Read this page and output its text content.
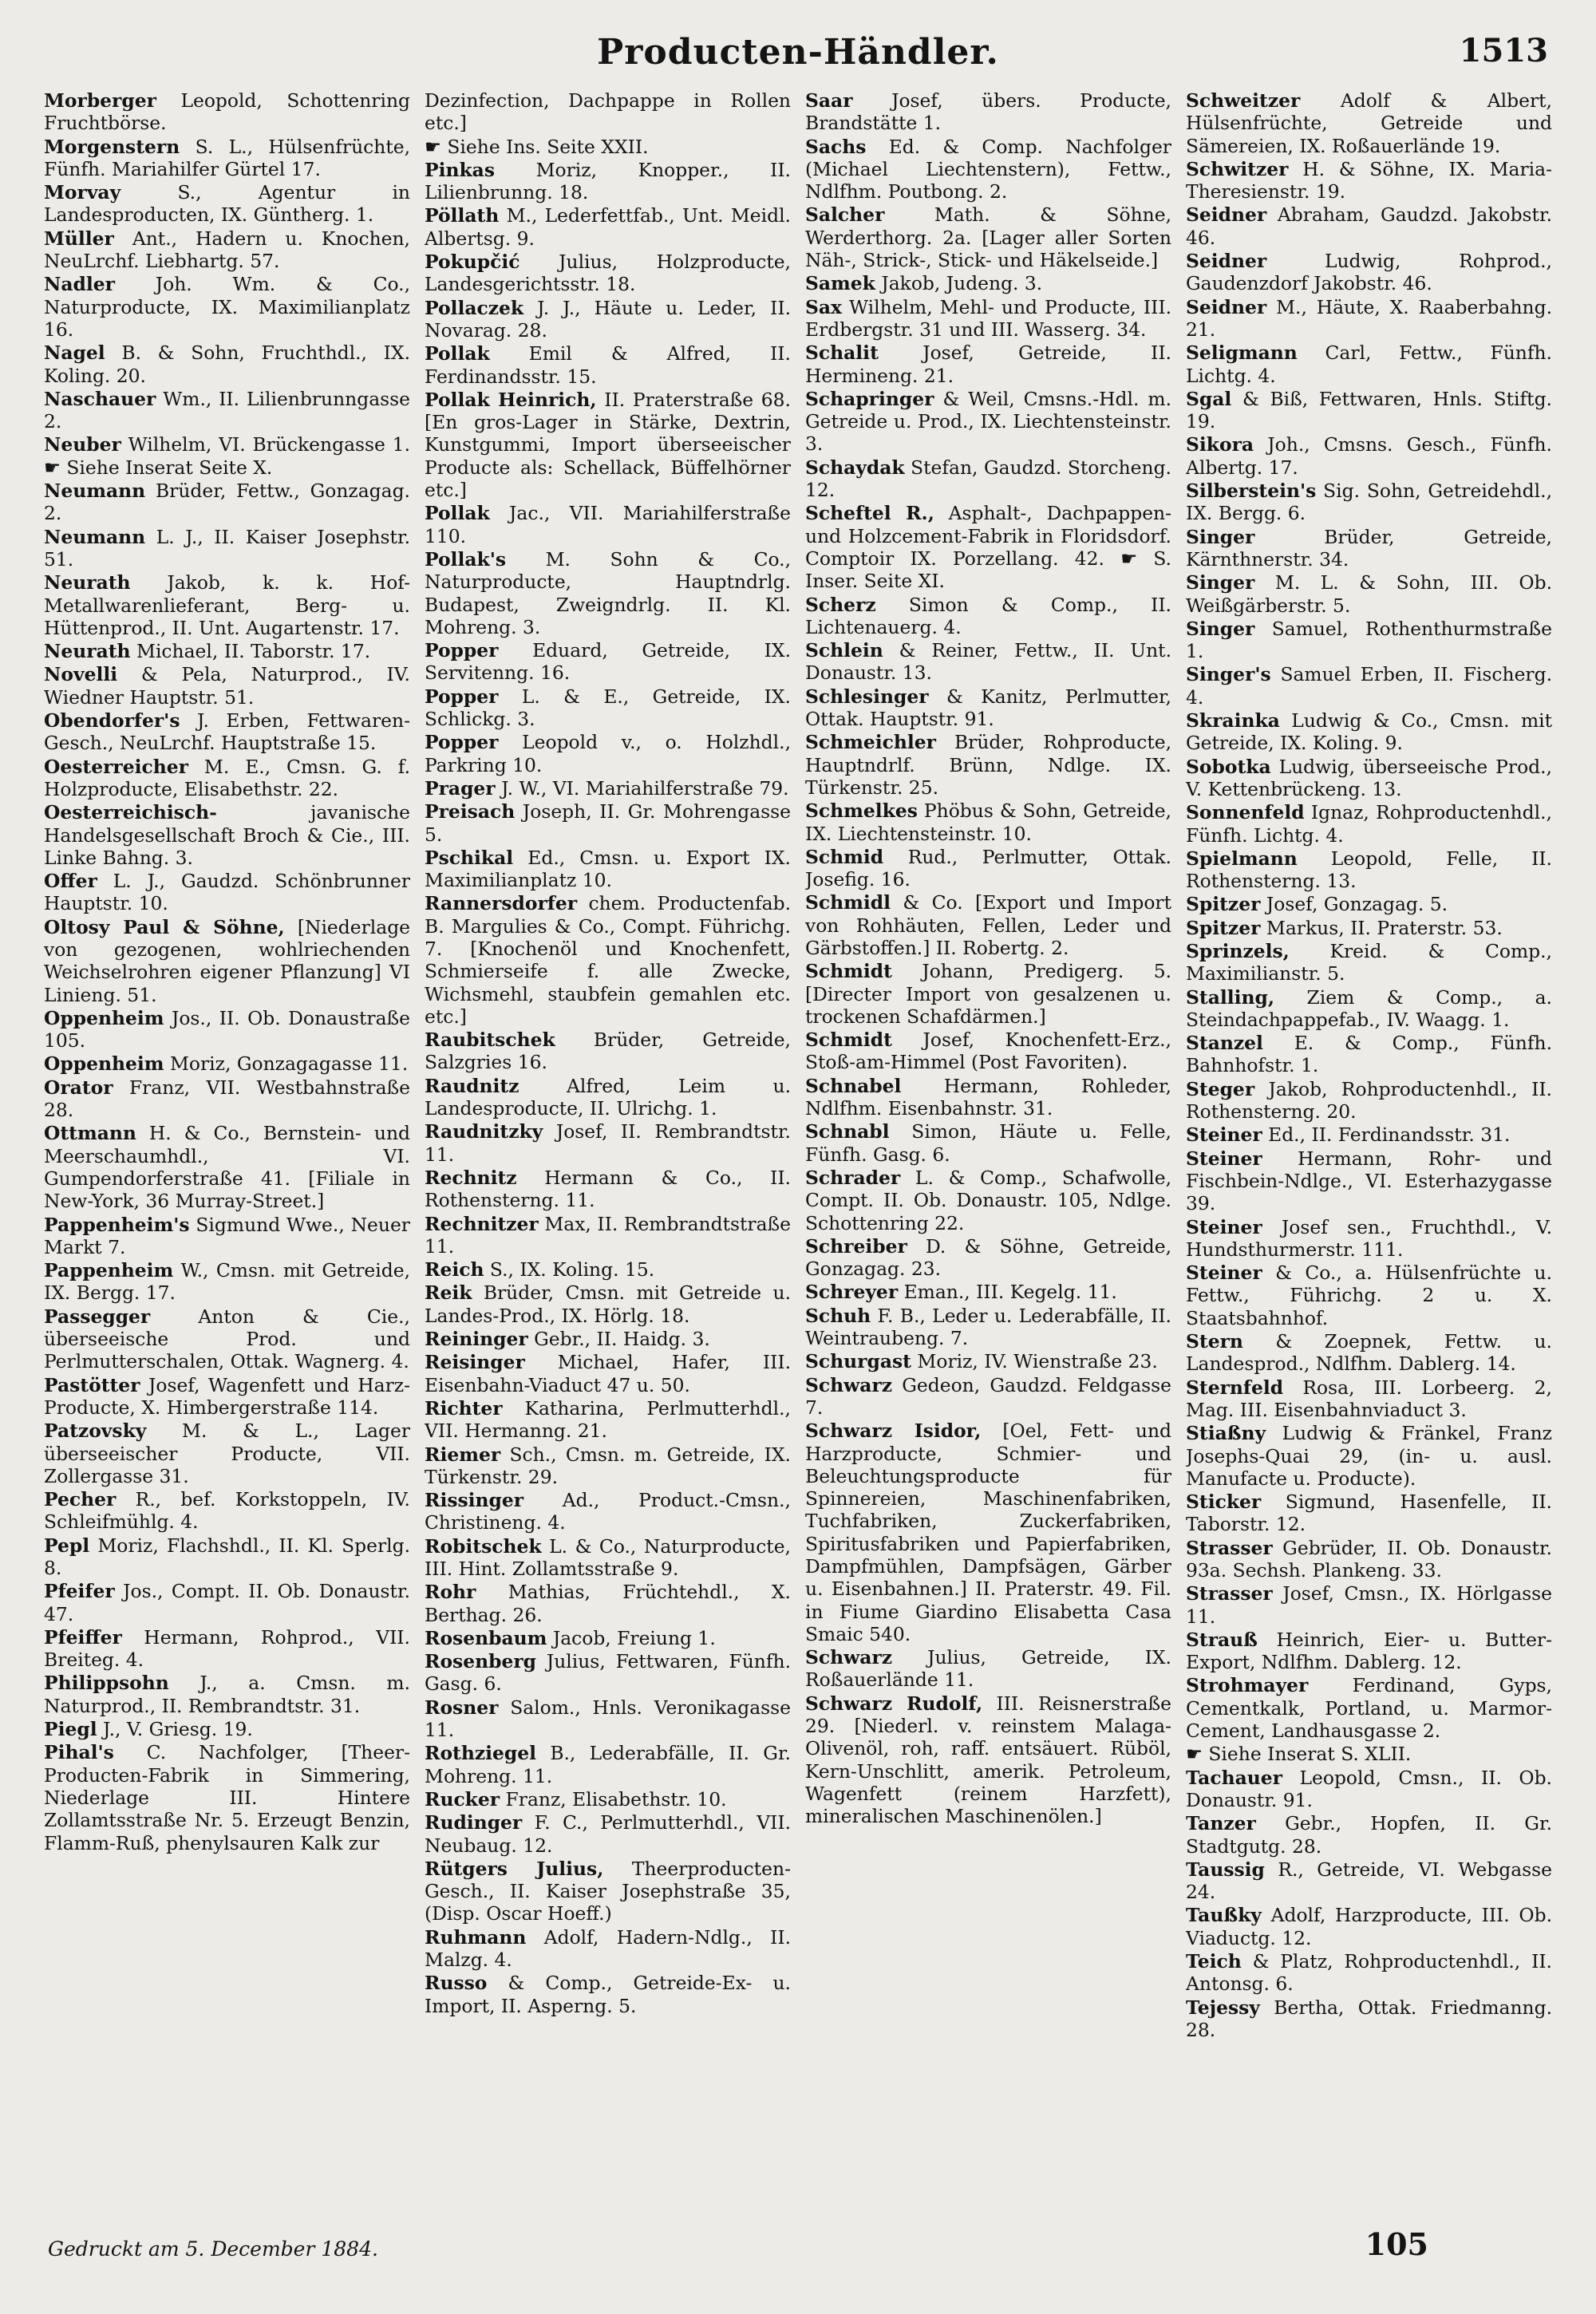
Producten-Händler.	1513
Morberger Leopold, Schottenring Fruchtbörse.
Morgenstern S. L., Hülsenfrüchte, Fünfh. Mariahilfer Gürtel 17.
Morvay	S., Agentur in Landesproducten, IX. Güntherg. 1.
Müller Ant., Hadern u. Knochen, NeuLrchf. Liebhartg. 57.
Nadler Joh. Wm. & Co., Naturproducte, IX. Maximilianplatz 16.
Nagel B. & Sohn, Fruchthdl., IX. Koling. 20.
Naschauer Wm., II. Lilienbrunngasse 2.
Neuber Wilhelm, VI. Brückengasse 1. ☛ Siehe Inserat Seite X.
Neumann Brüder, Fettw., Gonzagag. 2.
Neumann L. J., II. Kaiser Josephstr. 51.
Neurath Jakob, k. k. Hof-Metallwarenlieferant, Berg- u. Hüttenprod., II. Unt. Augartenstr. 17.
Neurath Michael, II. Taborstr. 17.
Novelli & Pela, Naturprod., IV. Wiedner Hauptstr. 51.
Obendorfer's J. Erben, Fettwaren-Gesch., NeuLrchf. Hauptstraße 15.
Oesterreicher M. E., Cmsn. G. f. Holzproducte, Elisabethstr. 22.
Oesterreichisch-	javanische Handelsgesellschaft Broch & Cie., III. Linke Bahng. 3.
Offer L. J., Gaudzd. Schönbrunner Hauptstr. 10.
Oltosy Paul & Söhne, [Niederlage von gezogenen, wohlriechenden Weichselrohren eigener Pflanzung] VI Linieng. 51.
Oppenheim Jos., II. Ob. Donaustraße 105.
Oppenheim Moriz, Gonzagagasse 11.
Orator Franz, VII. Westbahnstraße 28.
Ottmann H. & Co., Bernstein- und Meerschaumhdl., VI. Gumpendorferstraße 41. [Filiale in New-York, 36 Murray-Street.]
Pappenheim's Sigmund Wwe., Neuer Markt 7.
Pappenheim W., Cmsn. mit Getreide, IX. Bergg. 17.
Passegger	Anton & Cie., überseeische Prod. und Perlmutterschalen, Ottak. Wagnerg. 4.
Pastötter Josef, Wagenfett und Harz-Producte, X. Himbergerstraße 114.
Patzovsky M. & L., Lager überseeischer Producte, VII. Zollergasse 31.
Pecher R., bef. Korkstoppeln, IV. Schleifmühlg. 4.
Pepl Moriz, Flachshdl., II. Kl. Sperlg. 8.
Pfeifer Jos., Compt. II. Ob. Donaustr. 47.
Pfeiffer Hermann, Rohprod., VII. Breiteg. 4.
Philippsohn J., a. Cmsn. m. Naturprod., II. Rembrandtstr. 31.
Piegl J., V. Griesg. 19.
Pihal's C. Nachfolger, [Theer-Producten-Fabrik in Simmering, Niederlage III. Hintere Zollamtsstraße Nr. 5. Erzeugt Benzin, Flamm-Ruß, phenylsauren Kalk zur
Dezinfection, Dachpappe in Rollen etc.]
☛ Siehe Ins. Seite XXII.
Pinkas Moriz, Knopper., II. Lilienbrunng. 18.
Pöllath M., Lederfettfab., Unt. Meidl. Albertsg. 9.
Pokupčić Julius, Holzproducte, Landesgerichtsstr. 18.
Pollaczek J. J., Häute u. Leder, II. Novarag. 28.
Pollak Emil & Alfred, II. Ferdinandsstr. 15.
Pollak Heinrich, II. Praterstraße 68. [En gros-Lager in Stärke, Dextrin, Kunstgummi, Import überseeischer Producte als: Schellack, Büffelhörner etc.]
Pollak Jac., VII. Mariahilferstraße 110.
Pollak's M. Sohn & Co., Naturproducte, Hauptndrlg. Budapest, Zweigndrlg. II. Kl. Mohreng. 3.
Popper Eduard, Getreide, IX. Servitenng. 16.
Popper L. & E., Getreide, IX. Schlickg. 3.
Popper Leopold v., o. Holzhdl., Parkring 10.
Prager J. W., VI. Mariahilferstraße 79.
Preisach Joseph, II. Gr. Mohrengasse 5.
Pschikal Ed., Cmsn. u. Export IX. Maximilianplatz 10.
Rannersdorfer chem. Productenfab. B. Margulies & Co., Compt. Führichg. 7. [Knochenöl und Knochenfett, Schmierseife f. alle Zwecke, Wichsmehl, staubfein gemahlen etc. etc.]
Raubitschek Brüder, Getreide, Salzgries 16.
Raudnitz	Alfred, Leim u. Landesproducte, II. Ulrichg. 1.
Raudnitzky Josef, II. Rembrandtstr. 11.
Rechnitz Hermann & Co., II. Rothensterng. 11.
Rechnitzer Max, II. Rembrandtstraße 11.
Reich S., IX. Koling. 15.
Reik Brüder, Cmsn. mit Getreide u. Landes-Prod., IX. Hörlg. 18.
Reininger Gebr., II. Haidg. 3.
Reisinger Michael, Hafer, III. Eisenbahn-Viaduct 47 u. 50.
Richter Katharina, Perlmutterhdl., VII. Hermanng. 21.
Riemer Sch., Cmsn. m. Getreide, IX. Türkenstr. 29.
Rissinger Ad., Product.-Cmsn., Christineng. 4.
Robitschek L. & Co., Naturproducte, III. Hint. Zollamtsstraße 9.
Rohr Mathias, Früchtehdl., X. Berthag. 26.
Rosenbaum Jacob, Freiung 1.
Rosenberg Julius, Fettwaren, Fünfh. Gasg. 6.
Rosner Salom., Hnls. Veronikagasse 11.
Rothziegel B., Lederabfälle, II. Gr. Mohreng. 11.
Rucker Franz, Elisabethstr. 10.
Rudinger F. C., Perlmutterhdl., VII. Neubaug. 12.
Rütgers Julius, Theerproducten-Gesch., II. Kaiser Josephstraße 35, (Disp. Oscar Hoeff.)
Ruhmann Adolf, Hadern-Ndlg., II. Malzg. 4.
Russo & Comp., Getreide-Ex- u. Import, II. Asperng. 5.
Saar Josef, übers. Producte, Brandstätte 1.
Sachs Ed. & Comp. Nachfolger (Michael Liechtenstern), Fettw., Ndlfhm. Poutbong. 2.
Salcher	Math. & Söhne, Werderthorg. 2a. [Lager aller Sorten Näh-, Strick-, Stick- und Häkelseide.]
Samek Jakob, Judeng. 3.
Sax Wilhelm, Mehl- und Producte, III. Erdbergstr. 31 und III. Wasserg. 34.
Schalit Josef, Getreide, II. Hermineng. 21.
Schapringer & Weil, Cmsns.-Hdl. m. Getreide u. Prod., IX. Liechtensteinstr. 3.
Schaydak Stefan, Gaudzd. Storcheng. 12.
Scheftel R., Asphalt-, Dachpappen- und Holzcement-Fabrik in Floridsdorf. Comptoir IX. Porzellang. 42. ☛ S. Inser. Seite XI.
Scherz Simon & Comp., II. Lichtenauerg. 4.
Schlein & Reiner, Fettw., II. Unt. Donaustr. 13.
Schlesinger & Kanitz, Perlmutter, Ottak. Hauptstr. 91.
Schmeichler Brüder, Rohproducte, Hauptndrlf. Brünn, Ndlge. IX. Türkenstr. 25.
Schmelkes Phöbus & Sohn, Getreide, IX. Liechtensteinstr. 10.
Schmid Rud., Perlmutter, Ottak. Josefig. 16.
Schmidl & Co. [Export und Import von Rohhäuten, Fellen, Leder und Gärbstoffen.] II. Robertg. 2.
Schmidt Johann, Predigerg. 5. [Directer Import von gesalzenen u. trockenen Schafdärmen.]
Schmidt Josef, Knochenfett-Erz., Stoß-am-Himmel (Post Favoriten).
Schnabel Hermann, Rohleder, Ndlfhm. Eisenbahnstr. 31.
Schnabl Simon, Häute u. Felle, Fünfh. Gasg. 6.
Schrader L. & Comp., Schafwolle, Compt. II. Ob. Donaustr. 105, Ndlge. Schottenring 22.
Schreiber D. & Söhne, Getreide, Gonzagag. 23.
Schreyer Eman., III. Kegelg. 11.
Schuh F. B., Leder u. Lederabfälle, II. Weintraubeng. 7.
Schurgast Moriz, IV. Wienstraße 23.
Schwarz Gedeon, Gaudzd. Feldgasse 7.
Schwarz Isidor, [Oel, Fett- und Harzproducte, Schmier- und Beleuchtungsproducte für Spinnereien, Maschinenfabriken, Tuchfabriken, Zuckerfabriken, Spiritusfabriken und Papierfabriken, Dampfmühlen, Dampfsägen, Gärber u. Eisenbahnen.] II. Praterstr. 49. Fil. in Fiume Giardino Elisabetta Casa Smaic 540.
Schwarz Julius, Getreide, IX. Roßauerlände 11.
Schwarz Rudolf, III. Reisnerstraße 29. [Niederl. v. reinstem Malaga-Olivenöl, roh, raff. entsäuert. Rüböl, Kern-Unschlitt, amerik. Petroleum, Wagenfett (reinem Harzfett), mineralischen Maschinenölen.]
Schweitzer Adolf & Albert, Hülsenfrüchte, Getreide und Sämereien, IX. Roßauerlände 19.
Schwitzer H. & Söhne, IX. Maria-Theresienstr. 19.
Seidner Abraham, Gaudzd. Jakobstr. 46.
Seidner	Ludwig, Rohprod., Gaudenzdorf Jakobstr. 46.
Seidner M., Häute, X. Raaberbahng. 21.
Seligmann Carl, Fettw., Fünfh. Lichtg. 4.
Sgal & Biß, Fettwaren, Hnls. Stiftg. 19.
Sikora Joh., Cmsns. Gesch., Fünfh. Albertg. 17.
Silberstein's Sig. Sohn, Getreidehdl., IX. Bergg. 6.
Singer	Brüder, Getreide, Kärnthnerstr. 34.
Singer M. L. & Sohn, III. Ob. Weißgärberstr. 5.
Singer Samuel, Rothenthurmstraße 1.
Singer's Samuel Erben, II. Fischerg. 4.
Skrainka Ludwig & Co., Cmsn. mit Getreide, IX. Koling. 9.
Sobotka Ludwig, überseeische Prod., V. Kettenbrückeng. 13.
Sonnenfeld Ignaz, Rohproductenhdl., Fünfh. Lichtg. 4.
Spielmann Leopold, Felle, II. Rothensterng. 13.
Spitzer Josef, Gonzagag. 5.
Spitzer Markus, II. Praterstr. 53.
Sprinzels, Kreid. & Comp., Maximilianstr. 5.
Stalling, Ziem & Comp., a. Steindachpappefab., IV. Waagg. 1.
Stanzel E. & Comp., Fünfh. Bahnhofstr. 1.
Steger Jakob, Rohproductenhdl., II. Rothensterng. 20.
Steiner Ed., II. Ferdinandsstr. 31.
Steiner Hermann, Rohr- und Fischbein-Ndlge., VI. Esterhazygasse 39.
Steiner Josef sen., Fruchthdl., V. Hundsthurmerstr. 111.
Steiner & Co., a. Hülsenfrüchte u. Fettw., Führichg. 2 u. X. Staatsbahnhof.
Stern & Zoepnek, Fettw. u. Landesprod., Ndlfhm. Dablerg. 14.
Sternfeld Rosa, III. Lorbeerg. 2, Mag. III. Eisenbahnviaduct 3.
Stiaßny Ludwig & Fränkel, Franz Josephs-Quai 29, (in- u. ausl. Manufacte u. Producte).
Sticker Sigmund, Hasenfelle, II. Taborstr. 12.
Strasser Gebrüder, II. Ob. Donaustr. 93a. Sechsh. Plankeng. 33.
Strasser Josef, Cmsn., IX. Hörlgasse 11.
Strauß Heinrich, Eier- u. Butter-Export, Ndlfhm. Dablerg. 12.
Strohmayer Ferdinand, Gyps, Cementkalk, Portland, u. Marmor-Cement, Landhausgasse 2.
☛ Siehe Inserat S. XLII.
Tachauer Leopold, Cmsn., II. Ob. Donaustr. 91.
Tanzer Gebr., Hopfen, II. Gr. Stadtgutg. 28.
Taussig R., Getreide, VI. Webgasse 24.
Taußky Adolf, Harzproducte, III. Ob. Viaductg. 12.
Teich & Platz, Rohproductenhdl., II. Antonsg. 6.
Tejessy Bertha, Ottak. Friedmanng. 28.
Gedruckt am 5. December 1884.	105
